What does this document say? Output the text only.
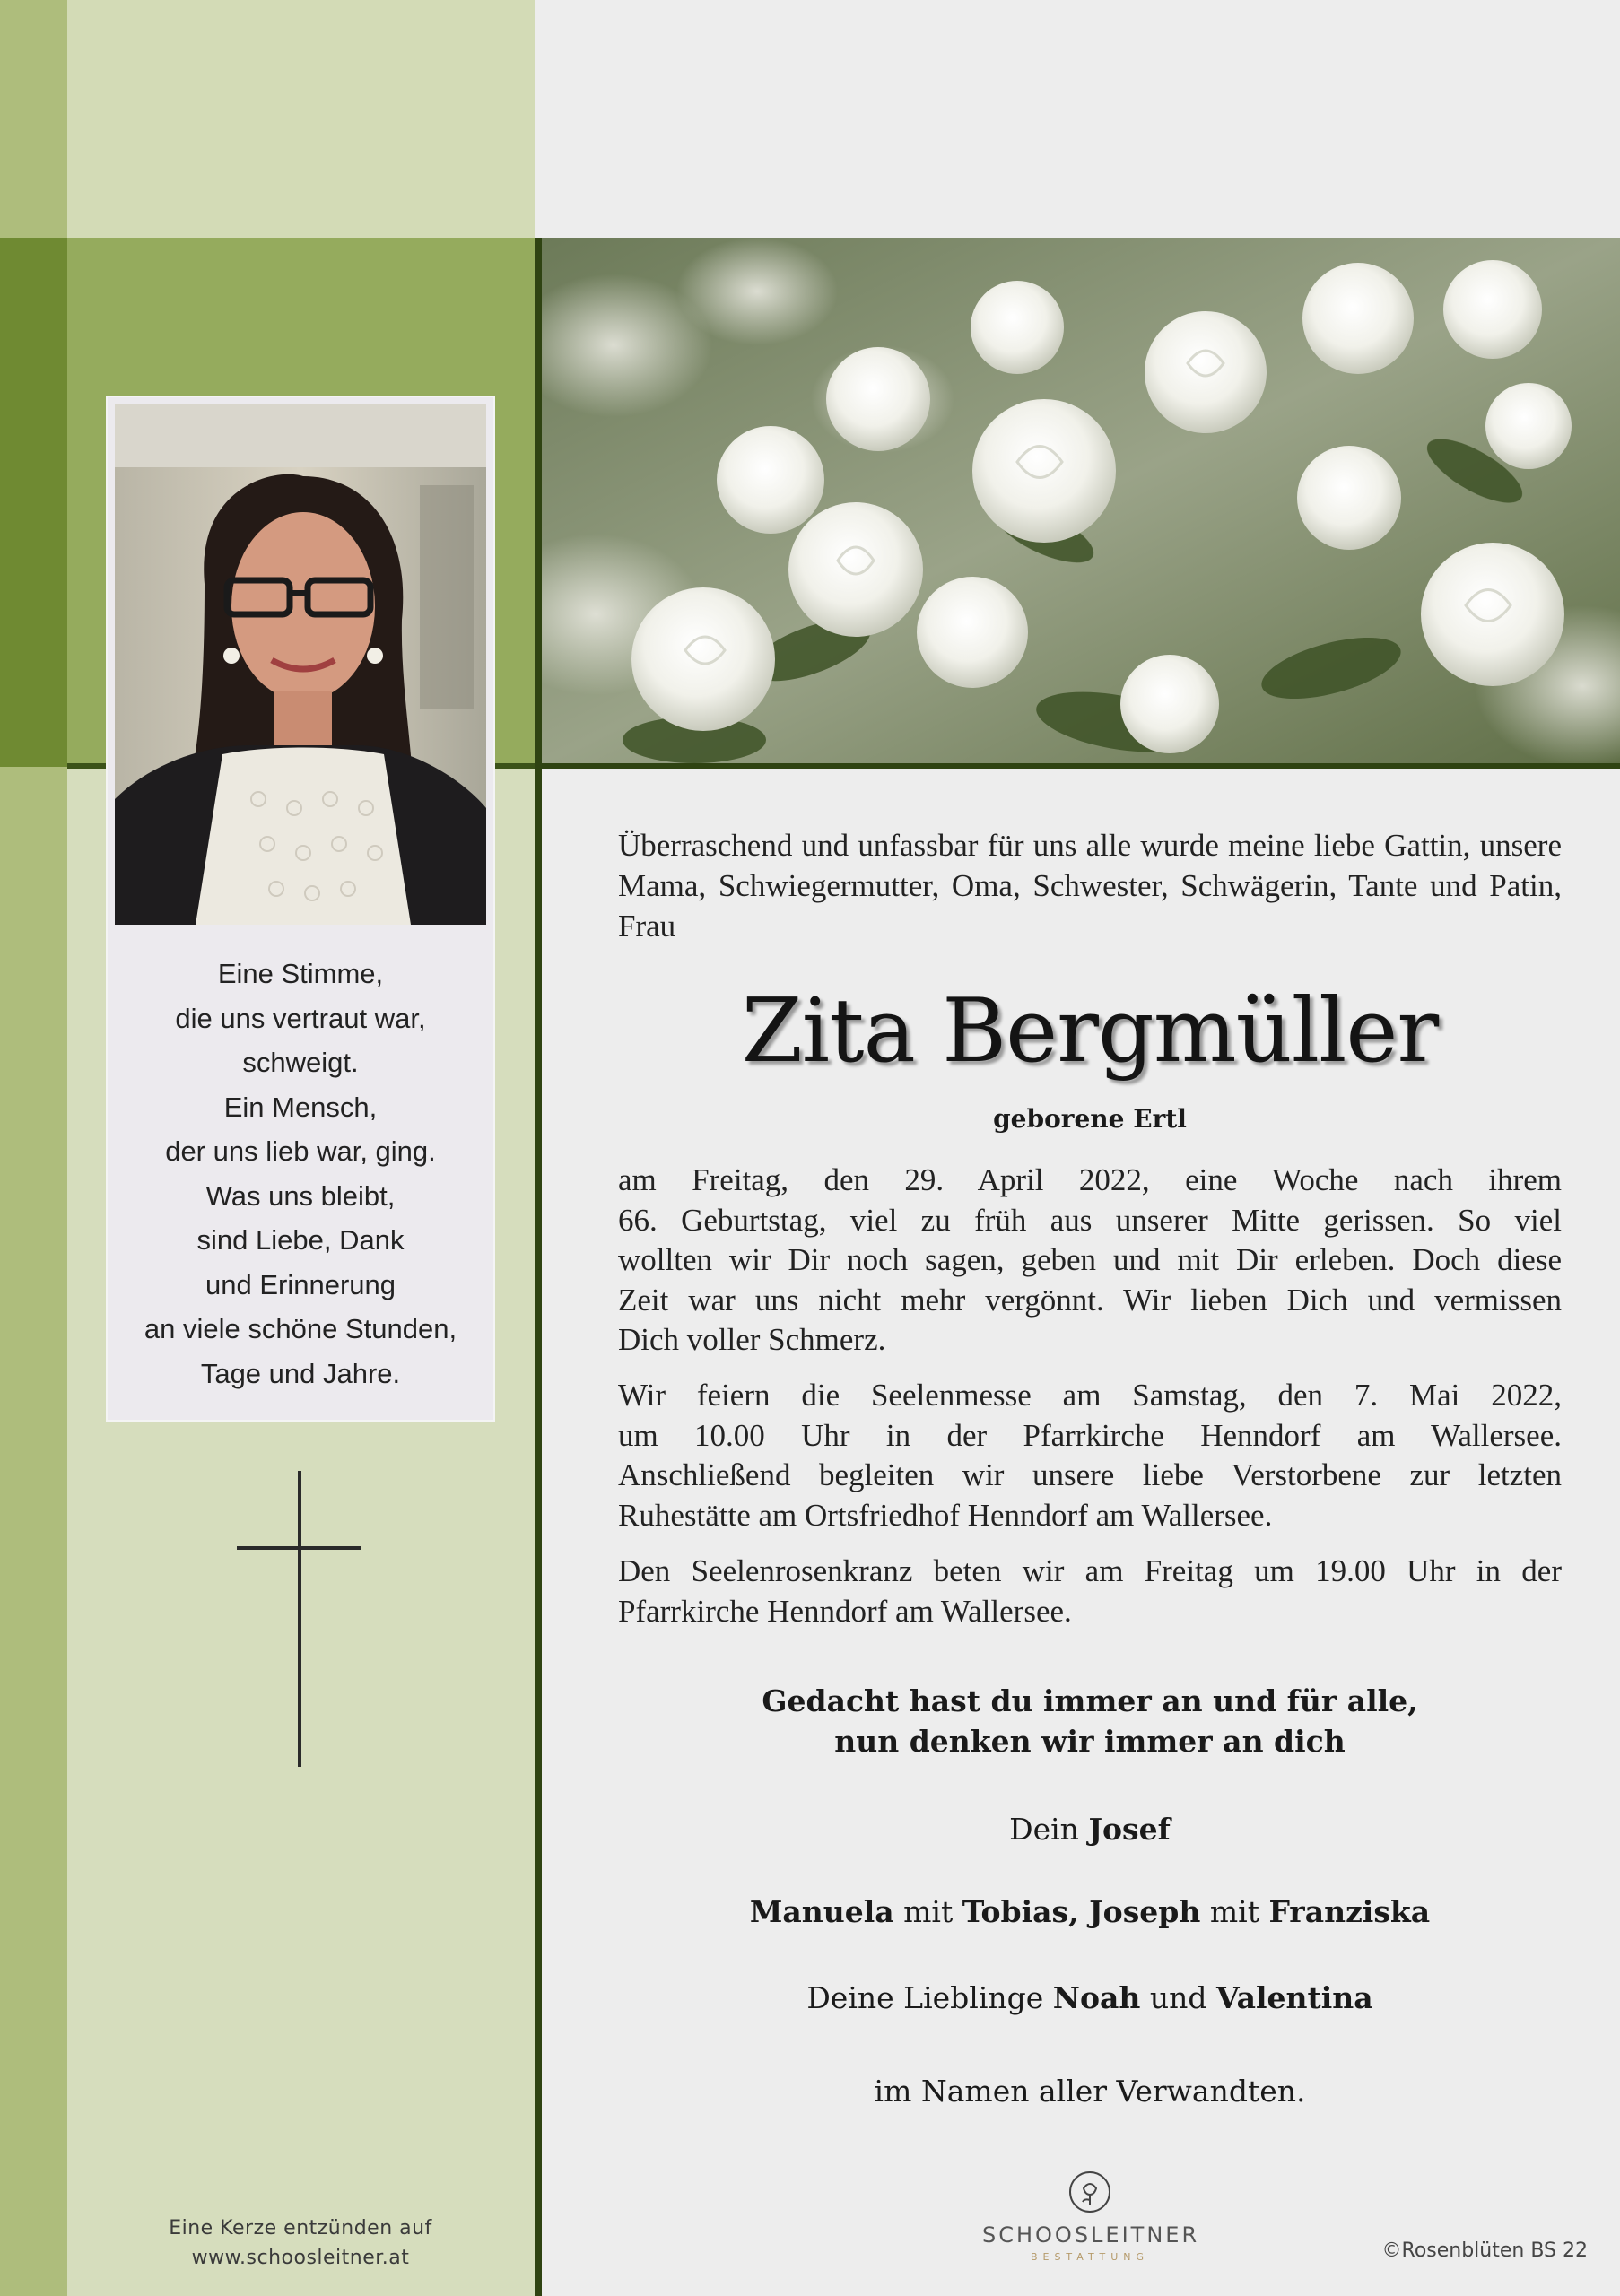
Eine Stimme,
die uns vertraut war,
schweigt.
Ein Mensch,
der uns lieb war, ging.
Was uns bleibt,
sind Liebe, Dank
und Erinnerung
an viele schöne Stunden,
Tage und Jahre.
Eine Kerze entzünden auf
www.schoosleitner.at
Überraschend und unfassbar für uns alle wurde meine liebe Gattin, unsere Mama, Schwiegermutter, Oma, Schwester, Schwägerin, Tante und Patin, Frau
Zita Bergmüller
geborene Ertl
am Freitag, den 29. April 2022, eine Woche nach ihrem
66. Geburtstag, viel zu früh aus unserer Mitte gerissen. So viel
wollten wir Dir noch sagen, geben und mit Dir erleben. Doch diese
Zeit war uns nicht mehr vergönnt. Wir lieben Dich und vermissen
Dich voller Schmerz.
Wir feiern die Seelenmesse am Samstag, den 7. Mai 2022,
um 10.00 Uhr in der Pfarrkirche Henndorf am Wallersee.
Anschließend begleiten wir unsere liebe Verstorbene zur letzten
Ruhestätte am Ortsfriedhof Henndorf am Wallersee.
Den Seelenrosenkranz beten wir am Freitag um 19.00 Uhr in der
Pfarrkirche Henndorf am Wallersee.
Gedacht hast du immer an und für alle,
nun denken wir immer an dich
Dein Josef
Manuela mit Tobias, Joseph mit Franziska
Deine Lieblinge Noah und Valentina
im Namen aller Verwandten.
SCHOOSLEITNER
BESTATTUNG	©Rosenblüten BS 22
